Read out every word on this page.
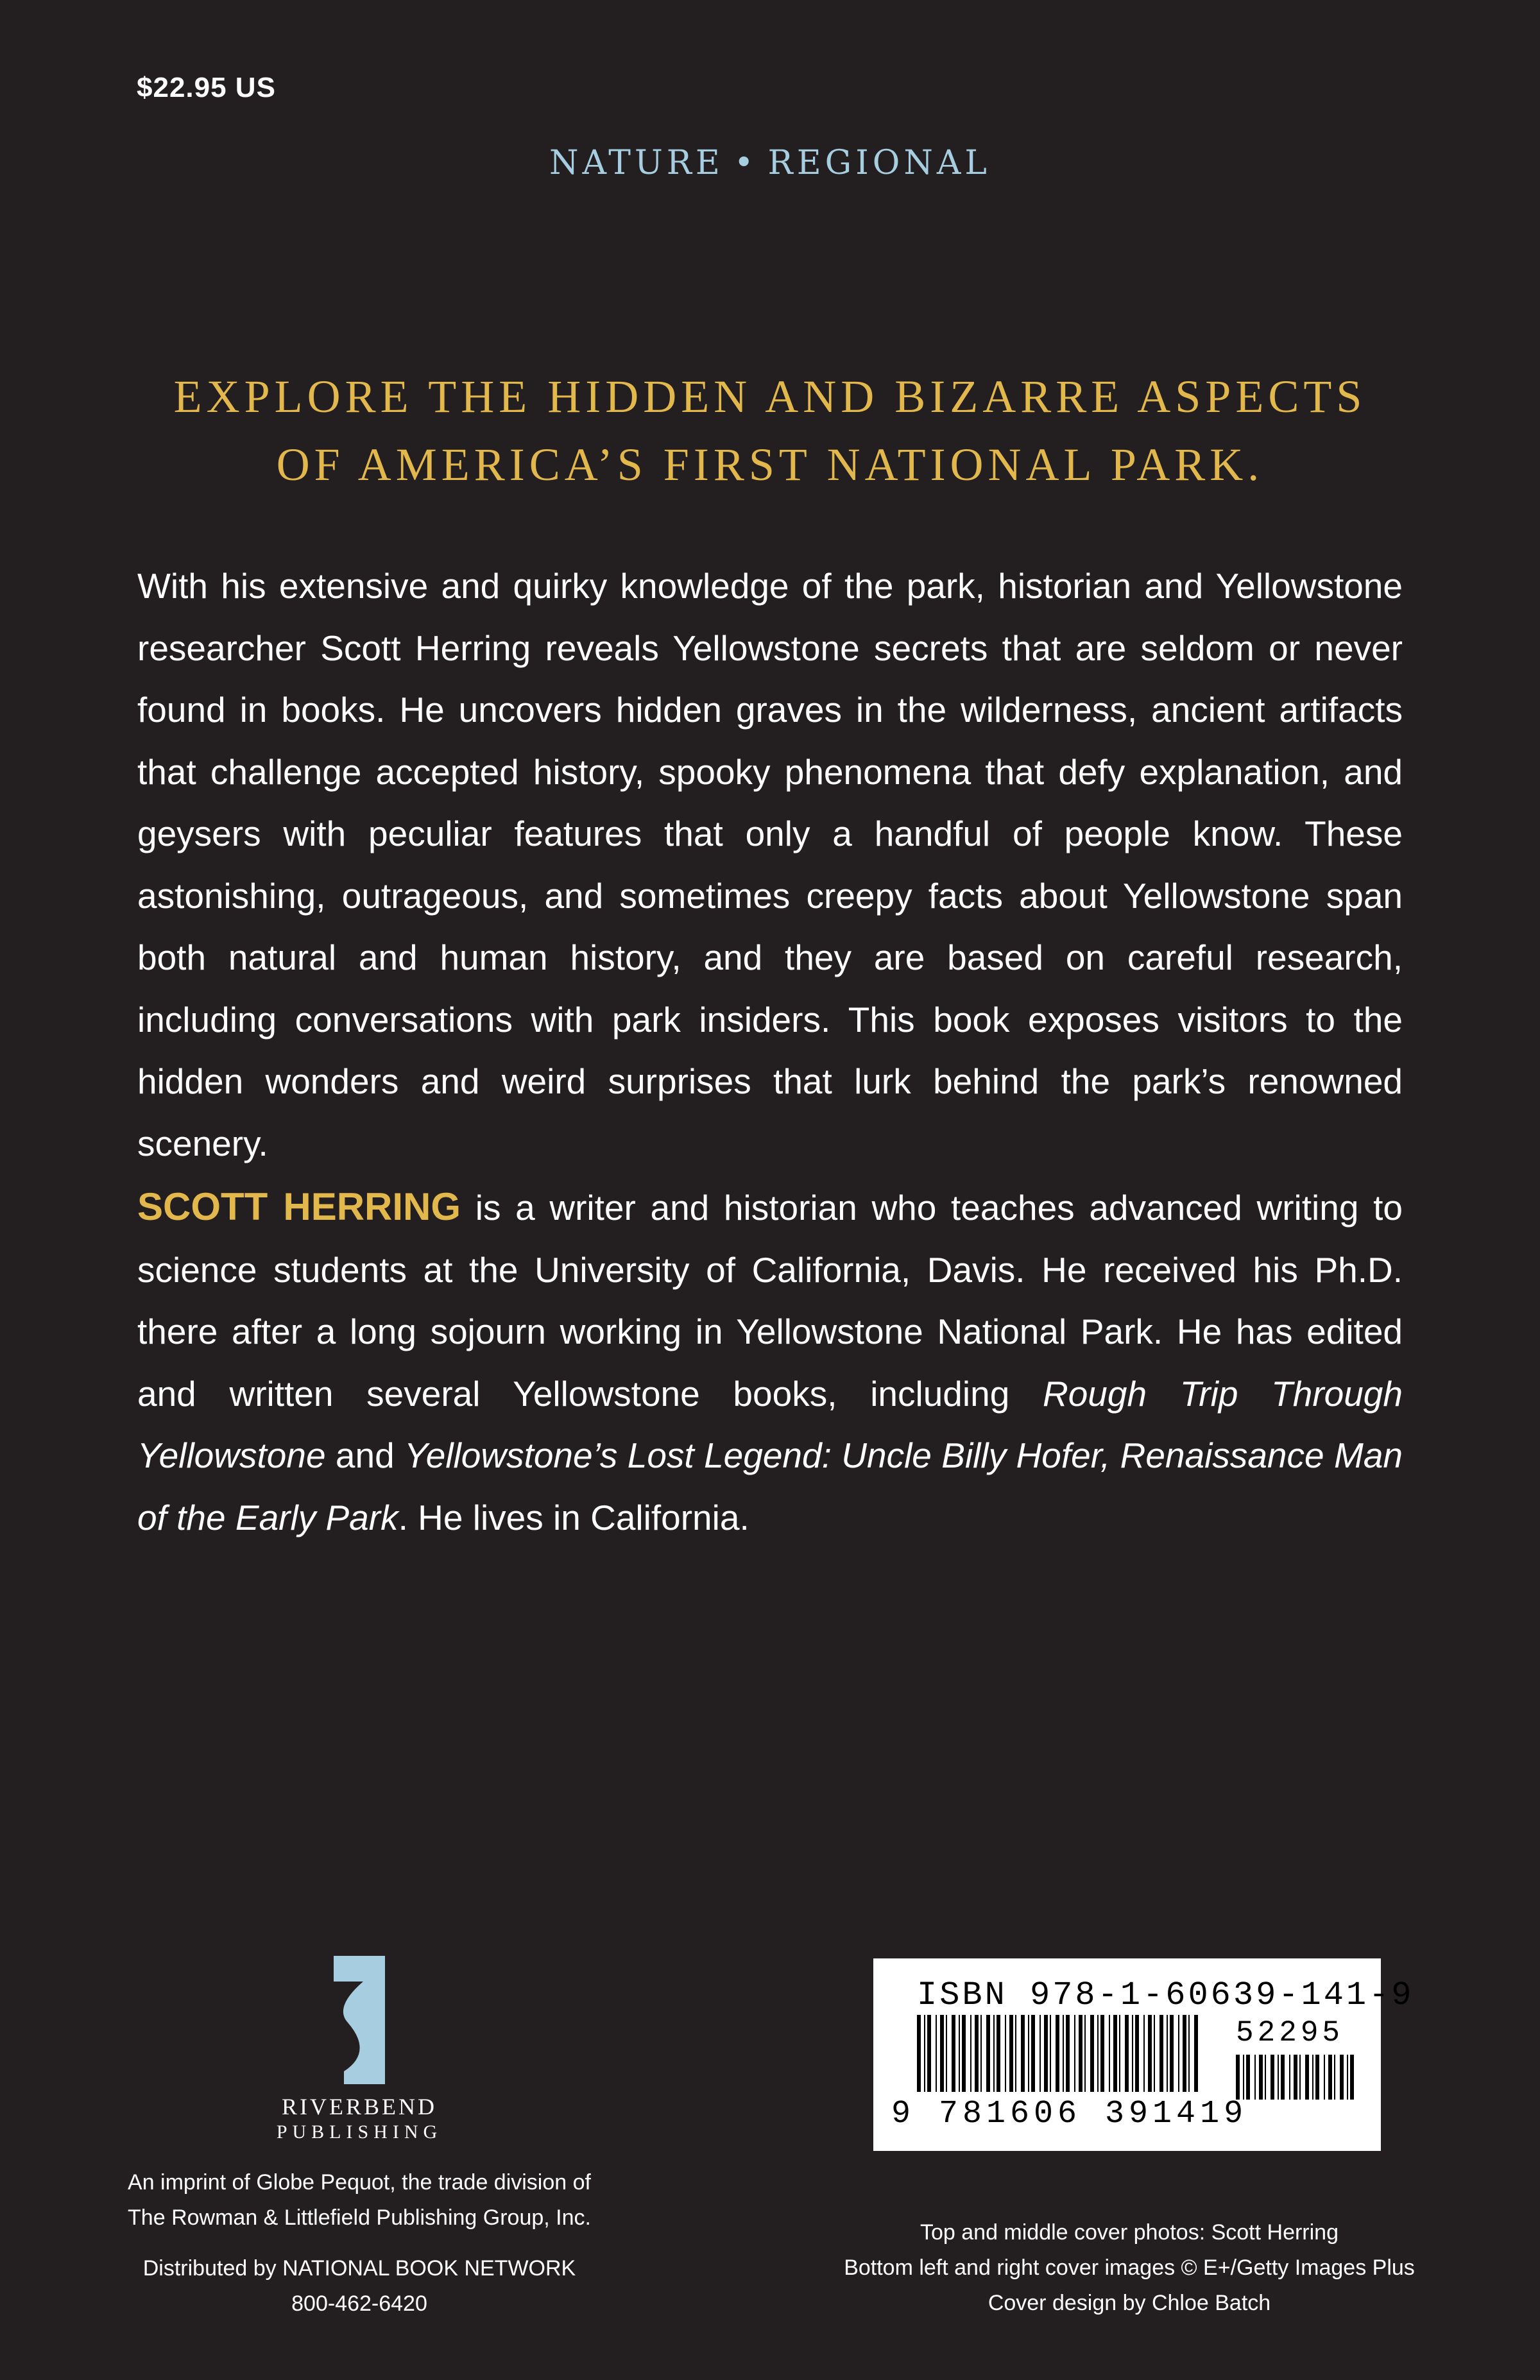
$22.95 US
NATURE • REGIONAL
EXPLORE THE HIDDEN AND BIZARRE ASPECTS
OF AMERICA’S FIRST NATIONAL PARK.
With his extensive and quirky knowledge of the park, historian and Yellowstone researcher Scott Herring reveals Yellowstone secrets that are seldom or never found in books. He uncovers hidden graves in the wilderness, ancient artifacts that challenge accepted history, spooky phenomena that defy explanation, and geysers with peculiar features that only a handful of people know. These astonishing, outrageous, and sometimes creepy facts about Yellowstone span both natural and human history, and they are based on careful research, including conversations with park insiders. This book exposes visitors to the hidden wonders and weird surprises that lurk behind the park’s renowned scenery.
SCOTT HERRING is a writer and historian who teaches advanced writing to science students at the University of California, Davis. He received his Ph.D. there after a long sojourn working in Yellowstone National Park. He has edited and written several Yellowstone books, including Rough Trip Through Yellowstone and Yellowstone’s Lost Legend: Uncle Billy Hofer, Renaissance Man of the Early Park. He lives in California.
RIVERBEND
PUBLISHING
An imprint of Globe Pequot, the trade division of
The Rowman & Littlefield Publishing Group, Inc.
Distributed by NATIONAL BOOK NETWORK
800-462-6420
ISBN 978-1-60639-141-9
52295
9 781606 391419
Top and middle cover photos: Scott Herring
Bottom left and right cover images © E+/Getty Images Plus
Cover design by Chloe Batch
